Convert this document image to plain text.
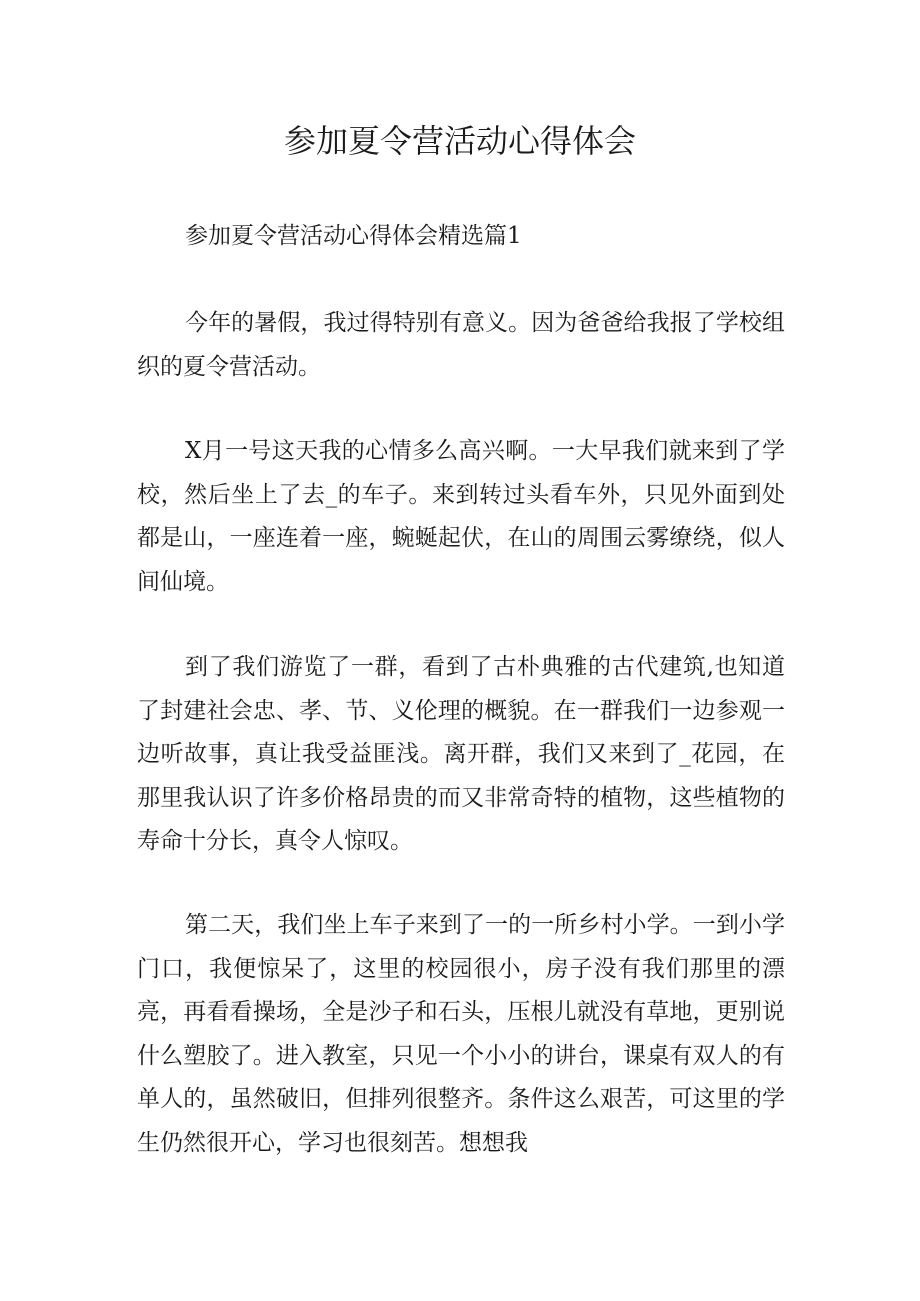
参加夏令营活动心得体会

参加夏令营活动心得体会精选篇1

今年的暑假，我过得特别有意义。因为爸爸给我报了学校组织的夏令营活动。

X月一号这天我的心情多么高兴啊。一大早我们就来到了学校，然后坐上了去_的车子。来到转过头看车外，只见外面到处都是山，一座连着一座，蜿蜒起伏，在山的周围云雾缭绕，似人间仙境。

到了我们游览了一群，看到了古朴典雅的古代建筑,也知道了封建社会忠、孝、节、义伦理的概貌。在一群我们一边参观一边听故事，真让我受益匪浅。离开群，我们又来到了_花园，在那里我认识了许多价格昂贵的而又非常奇特的植物，这些植物的寿命十分长，真令人惊叹。

第二天，我们坐上车子来到了一的一所乡村小学。一到小学门口，我便惊呆了，这里的校园很小，房子没有我们那里的漂亮，再看看操场，全是沙子和石头，压根儿就没有草地，更别说什么塑胶了。进入教室，只见一个小小的讲台，课桌有双人的有单人的，虽然破旧，但排列很整齐。条件这么艰苦，可这里的学生仍然很开心，学习也很刻苦。想想我
